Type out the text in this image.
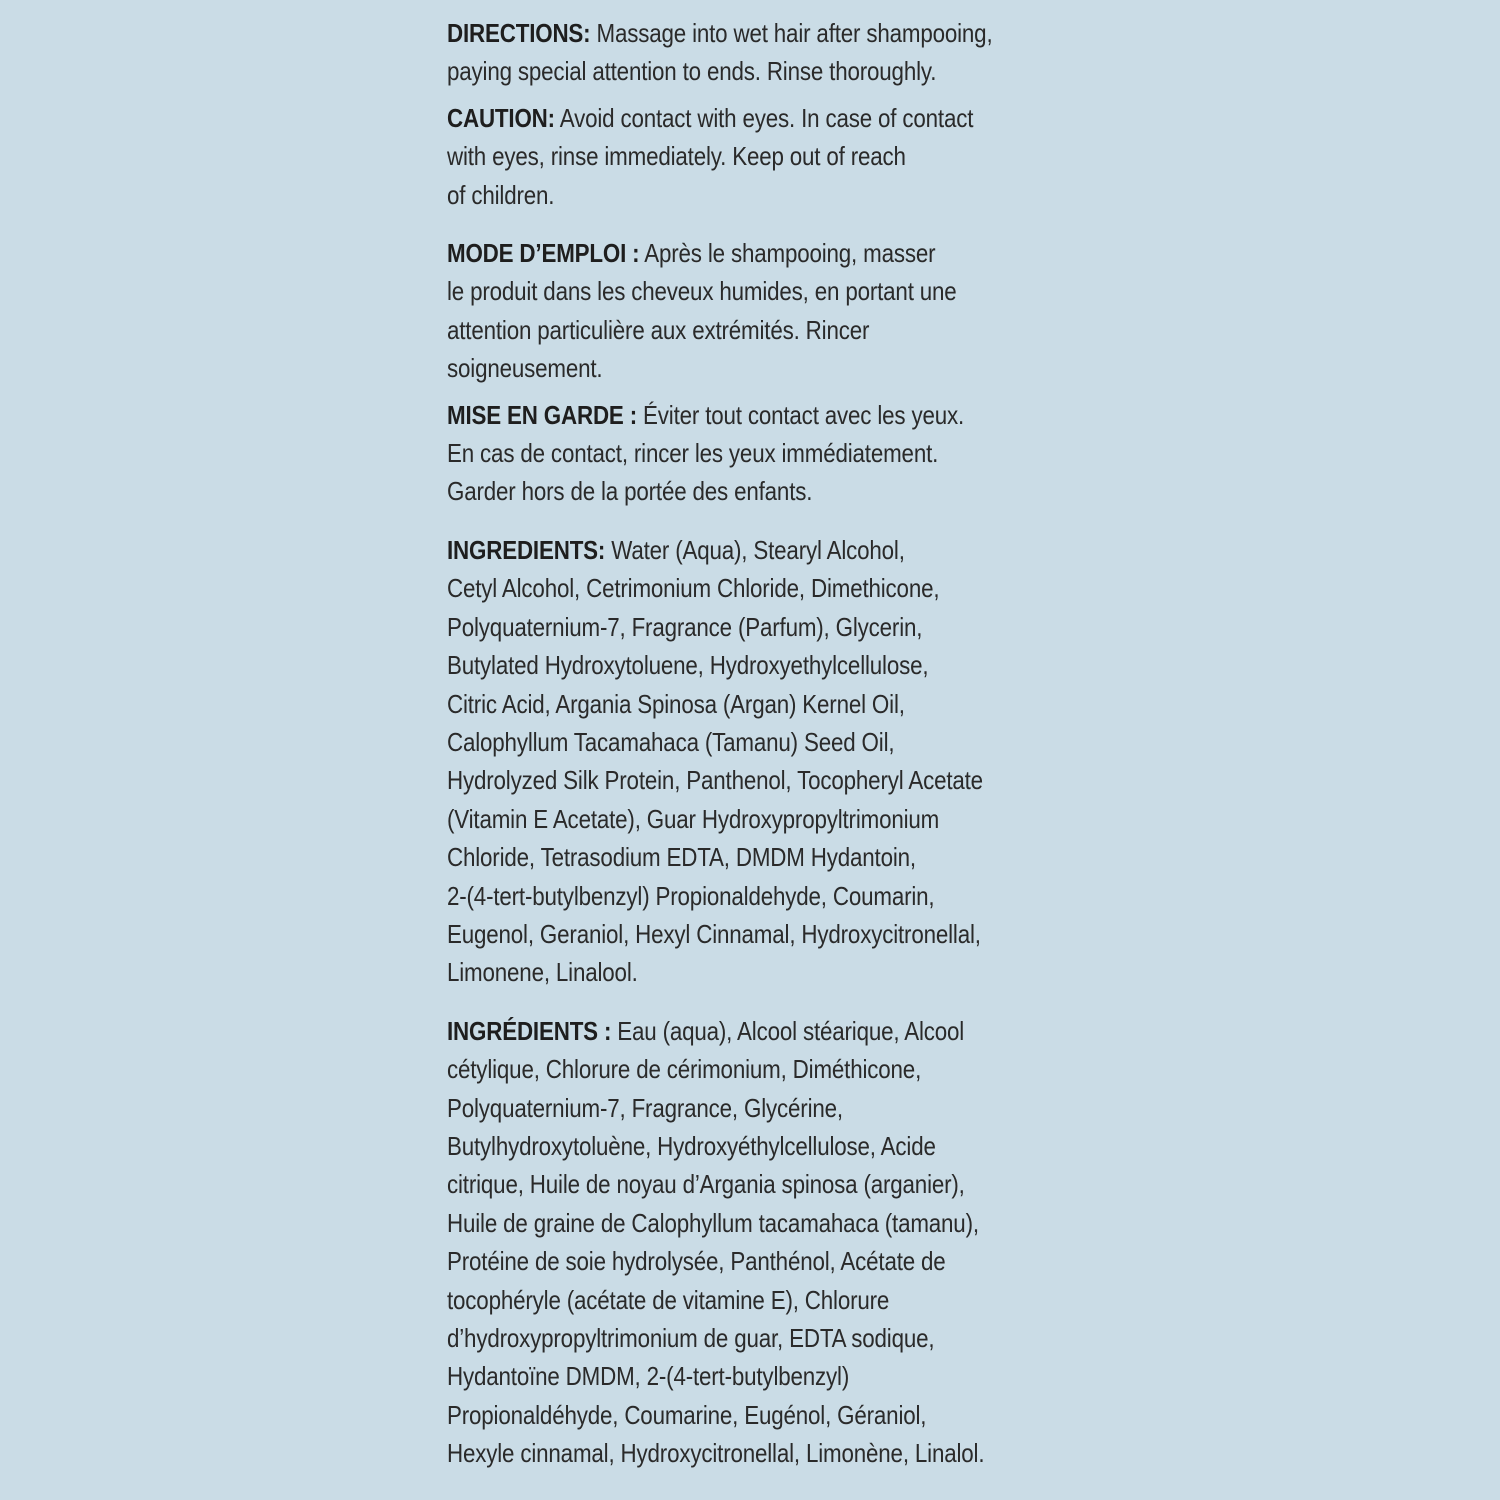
DIRECTIONS: Massage into wet hair after shampooing,
paying special attention to ends. Rinse thoroughly.

CAUTION: Avoid contact with eyes. In case of contact
with eyes, rinse immediately. Keep out of reach
of children.

MODE D’EMPLOI : Après le shampooing, masser
le produit dans les cheveux humides, en portant une
attention particulière aux extrémités. Rincer
soigneusement.

MISE EN GARDE : Éviter tout contact avec les yeux.
En cas de contact, rincer les yeux immédiatement.
Garder hors de la portée des enfants.

INGREDIENTS: Water (Aqua), Stearyl Alcohol,
Cetyl Alcohol, Cetrimonium Chloride, Dimethicone,
Polyquaternium-7, Fragrance (Parfum), Glycerin,
Butylated Hydroxytoluene, Hydroxyethylcellulose,
Citric Acid, Argania Spinosa (Argan) Kernel Oil,
Calophyllum Tacamahaca (Tamanu) Seed Oil,
Hydrolyzed Silk Protein, Panthenol, Tocopheryl Acetate
(Vitamin E Acetate), Guar Hydroxypropyltrimonium
Chloride, Tetrasodium EDTA, DMDM Hydantoin,
2-(4-tert-butylbenzyl) Propionaldehyde, Coumarin,
Eugenol, Geraniol, Hexyl Cinnamal, Hydroxycitronellal,
Limonene, Linalool.

INGRÉDIENTS : Eau (aqua), Alcool stéarique, Alcool
cétylique, Chlorure de cérimonium, Diméthicone,
Polyquaternium-7, Fragrance, Glycérine,
Butylhydroxytoluène, Hydroxyéthylcellulose, Acide
citrique, Huile de noyau d’Argania spinosa (arganier),
Huile de graine de Calophyllum tacamahaca (tamanu),
Protéine de soie hydrolysée, Panthénol, Acétate de
tocophéryle (acétate de vitamine E), Chlorure
d’hydroxypropyltrimonium de guar, EDTA sodique,
Hydantoïne DMDM, 2-(4-tert-butylbenzyl)
Propionaldéhyde, Coumarine, Eugénol, Géraniol,
Hexyle cinnamal, Hydroxycitronellal, Limonène, Linalol.
